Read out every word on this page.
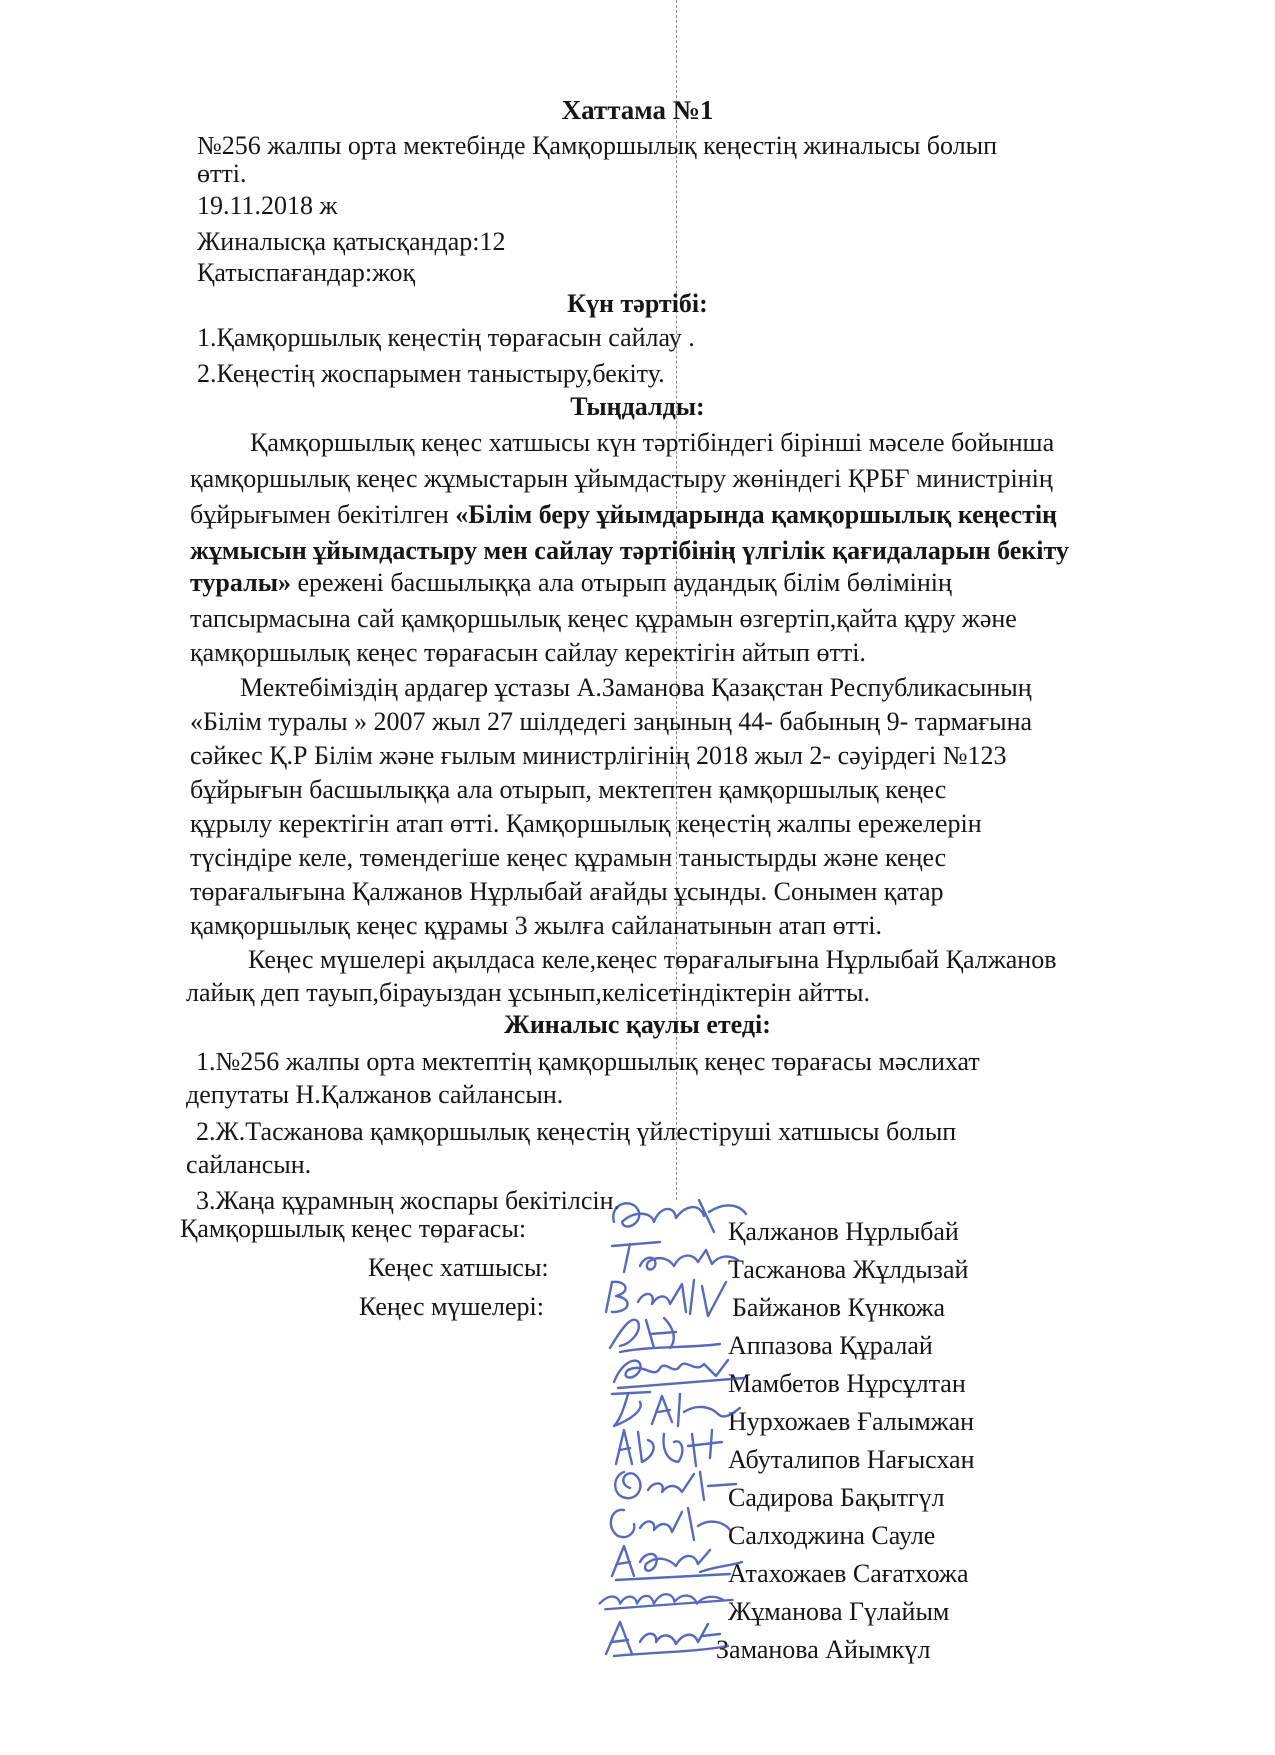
Хаттама №1
№256 жалпы орта мектебінде Қамқоршылық кеңестің жиналысы болып
өтті.
19.11.2018 ж
Жиналысқа қатысқандар:12
Қатыспағандар:жоқ
Күн тәртібі:
1.Қамқоршылық кеңестің төрағасын сайлау .
2.Кеңестің жоспарымен таныстыру,бекіту.
Тыңдалды:
Қамқоршылық кеңес хатшысы күн тәртібіндегі бірінші мәселе бойынша
қамқоршылық кеңес жұмыстарын ұйымдастыру жөніндегі ҚРБҒ министрінің
бұйрығымен бекітілген «Білім беру ұйымдарында қамқоршылық кеңестің
жұмысын ұйымдастыру мен сайлау тәртібінің үлгілік қағидаларын бекіту
туралы» ережені басшылыққа ала отырып аудандық білім бөлімінің
тапсырмасына сай қамқоршылық кеңес құрамын өзгертіп,қайта құру және
қамқоршылық кеңес төрағасын сайлау керектігін айтып өтті.
Мектебіміздің ардагер ұстазы А.Заманова Қазақстан Республикасының
«Білім туралы » 2007 жыл 27 шілдедегі заңының 44- бабының 9- тармағына
сәйкес Қ.Р Білім және ғылым министрлігінің 2018 жыл 2- сәуірдегі №123
бұйрығын басшылыққа ала отырып, мектептен қамқоршылық кеңес
құрылу керектігін атап өтті. Қамқоршылық кеңестің жалпы ережелерін
түсіндіре келе, төмендегіше кеңес құрамын таныстырды және кеңес
төрағалығына Қалжанов Нұрлыбай ағайды ұсынды. Сонымен қатар
қамқоршылық кеңес құрамы 3 жылға сайланатынын атап өтті.
Кеңес мүшелері ақылдаса келе,кеңес төрағалығына Нұрлыбай Қалжанов
лайық деп тауып,бірауыздан ұсынып,келісетіндіктерін айтты.
Жиналыс қаулы етеді:
1.№256 жалпы орта мектептің қамқоршылық кеңес төрағасы мәслихат
депутаты Н.Қалжанов сайлансын.
2.Ж.Тасжанова қамқоршылық кеңестің үйлестіруші хатшысы болып
сайлансын.
3.Жаңа құрамның жоспары бекітілсін.
Қамқоршылық кеңес төрағасы:
Кеңес хатшысы:
Кеңес мүшелері:
Қалжанов Нұрлыбай
Тасжанова Жұлдызай
Байжанов Күнкожа
Аппазова Құралай
Мамбетов Нұрсұлтан
Нурхожаев Ғалымжан
Абуталипов Нағысхан
Садирова Бақытгүл
Салходжина Сауле
Атахожаев Сағатхожа
Жұманова Гүлайым
Заманова Айымкүл
